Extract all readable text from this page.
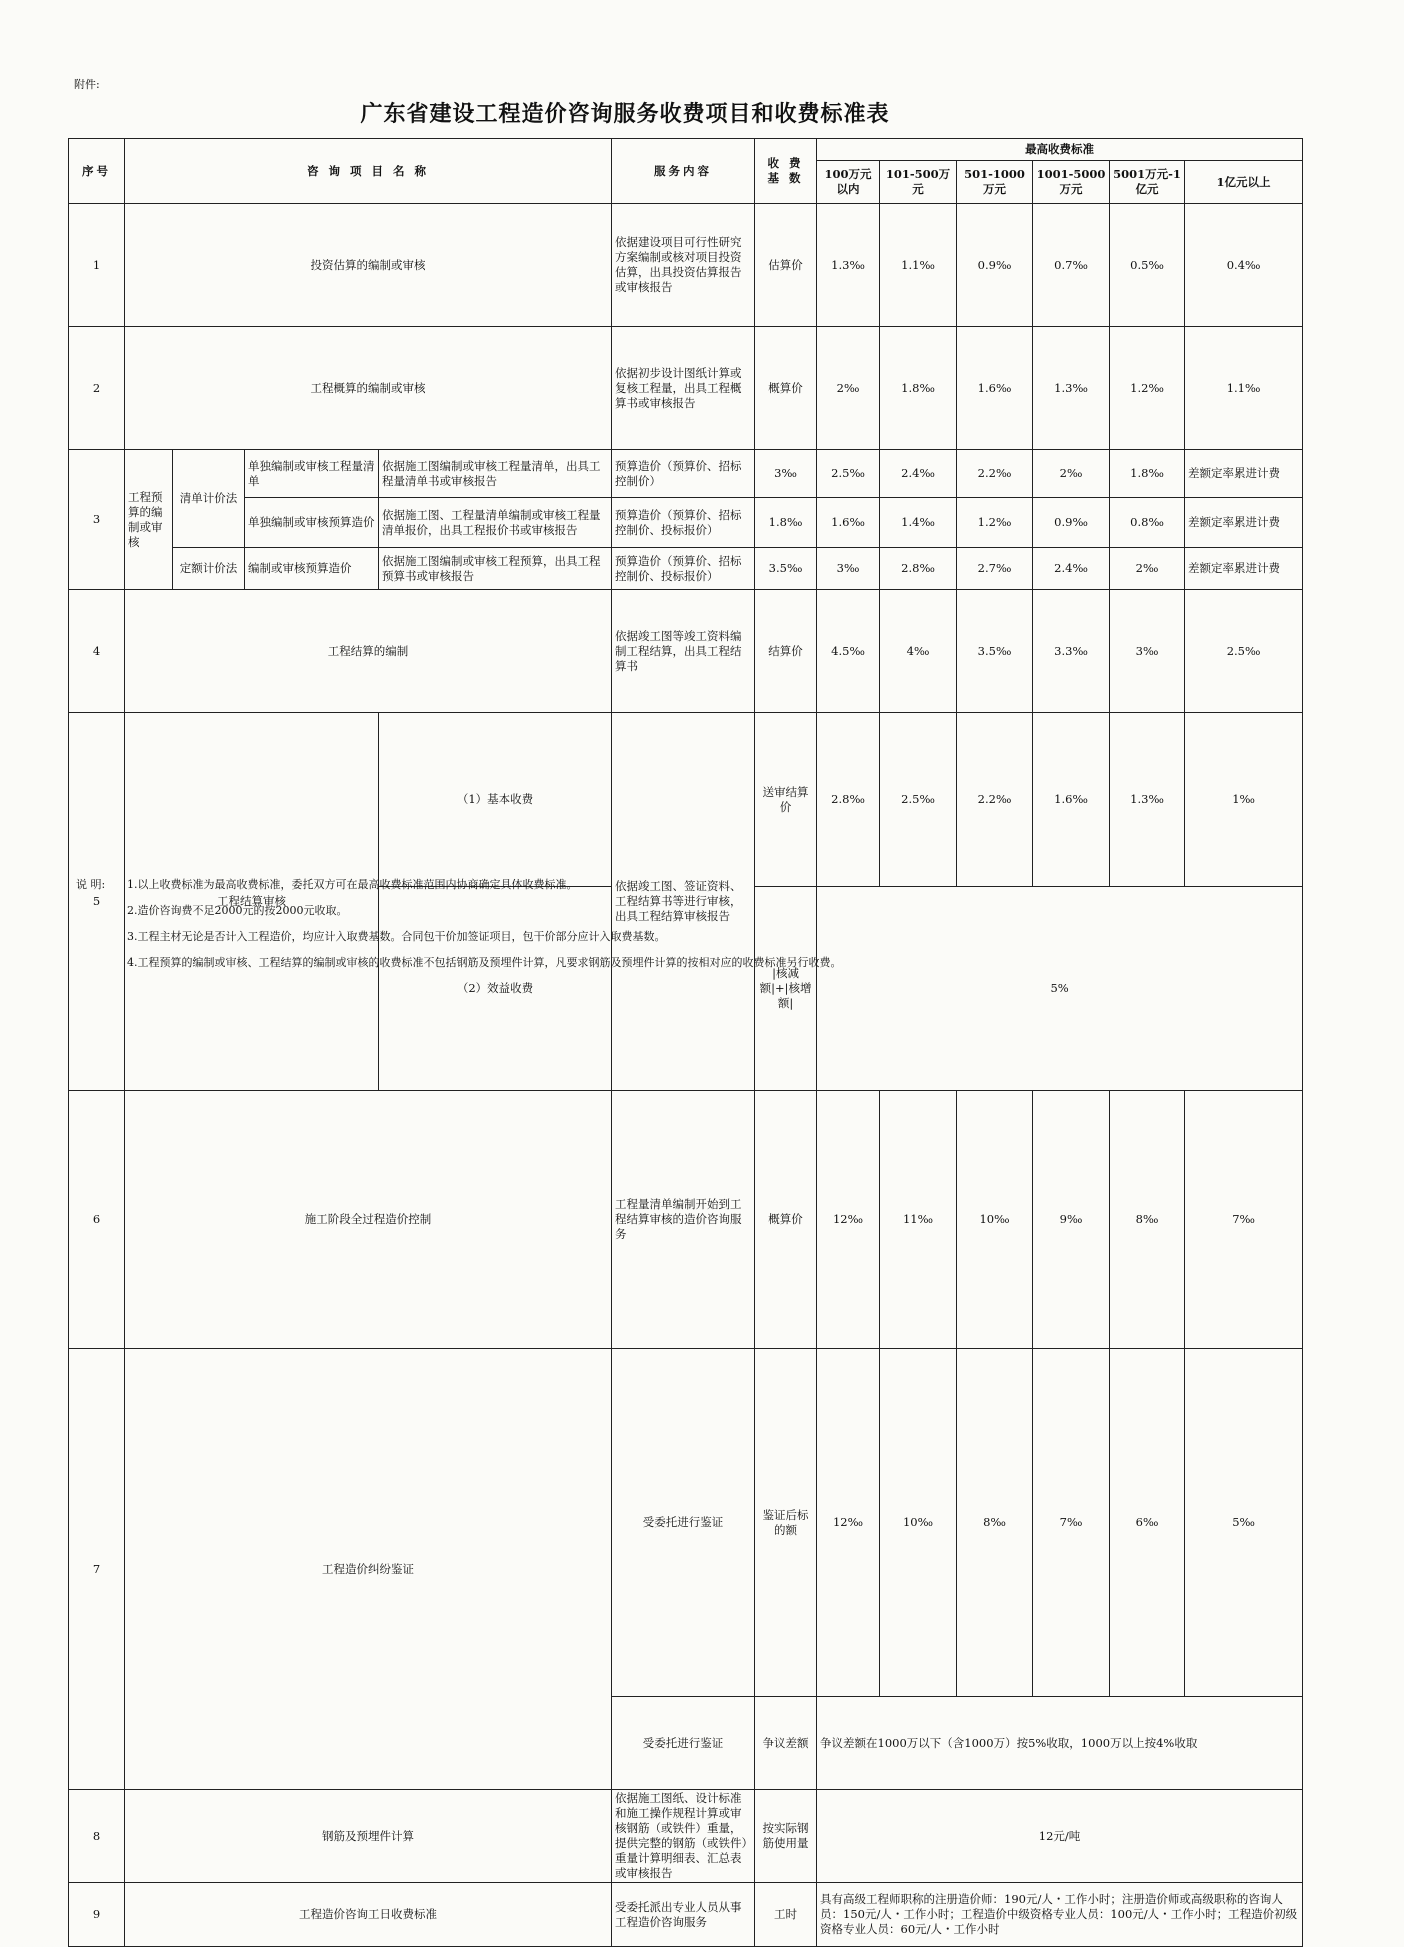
附件:
广东省建设工程造价咨询服务收费项目和收费标准表
序号	咨 询 项 目 名 称				服务内容	收 费 基 数	最高收费标准	
							100万元以内	101-500万元	501-1000万元	1001-5000万元	5001万元-1亿元	1亿元以上	
1	投资估算的编制或审核				依据建设项目可行性研究方案编制或核对项目投资估算，出具投资估算报告或审核报告	估算价	1.3‰	1.1‰	0.9‰	0.7‰	0.5‰	0.4‰	
2	工程概算的编制或审核				依据初步设计图纸计算或复核工程量，出具工程概算书或审核报告	概算价	2‰	1.8‰	1.6‰	1.3‰	1.2‰	1.1‰	
3	工程预算的编制或审核	清单计价法	单独编制或审核工程量清单	依据施工图编制或审核工程量清单，出具工程量清单书或审核报告	预算造价（预算价、招标控制价）	3‰	2.5‰	2.4‰	2.2‰	2‰	1.8‰	差额定率累进计费	
			单独编制或审核预算造价	依据施工图、工程量清单编制或审核工程量清单报价，出具工程报价书或审核报告	预算造价（预算价、招标控制价、投标报价）	1.8‰	1.6‰	1.4‰	1.2‰	0.9‰	0.8‰	差额定率累进计费	
		定额计价法	编制或审核预算造价	依据施工图编制或审核工程预算，出具工程预算书或审核报告	预算造价（预算价、招标控制价、投标报价）	3.5‰	3‰	2.8‰	2.7‰	2.4‰	2‰	差额定率累进计费	
4	工程结算的编制				依据竣工图等竣工资料编制工程结算，出具工程结算书	结算价	4.5‰	4‰	3.5‰	3.3‰	3‰	2.5‰	
5	工程结算审核			（1）基本收费	依据竣工图、签证资料、工程结算书等进行审核，出具工程结算审核报告	送审结算价	2.8‰	2.5‰	2.2‰	1.6‰	1.3‰	1‰	
				（2）效益收费		|核减额|+|核增额|	5%						
6	施工阶段全过程造价控制				工程量清单编制开始到工程结算审核的造价咨询服务	概算价	12‰	11‰	10‰	9‰	8‰	7‰	
7	工程造价纠纷鉴证				受委托进行鉴证	鉴证后标的额	12‰	10‰	8‰	7‰	6‰	5‰	
					受委托进行鉴证	争议差额	争议差额在1000万以下（含1000万）按5%收取，1000万以上按4%收取	
8	钢筋及预埋件计算				依据施工图纸、设计标准和施工操作规程计算或审核钢筋（或铁件）重量，提供完整的钢筋（或铁件）重量计算明细表、汇总表或审核报告	按实际钢筋使用量	12元/吨						
9	工程造价咨询工日收费标准				受委托派出专业人员从事工程造价咨询服务	工时	具有高级工程师职称的注册造价师：190元/人・工作小时；注册造价师或高级职称的咨询人员：150元/人・工作小时；工程造价中级资格专业人员：100元/人・工作小时；工程造价初级资格专业人员：60元/人・工作小时						
说 明:	1.以上收费标准为最高收费标准，委托双方可在最高收费标准范围内协商确定具体收费标准。
2.造价咨询费不足2000元的按2000元收取。
3.工程主材无论是否计入工程造价，均应计入取费基数。合同包干价加签证项目，包干价部分应计入取费基数。
4.工程预算的编制或审核、工程结算的编制或审核的收费标准不包括钢筋及预埋件计算，凡要求钢筋及预埋件计算的按相对应的收费标准另行收费。
